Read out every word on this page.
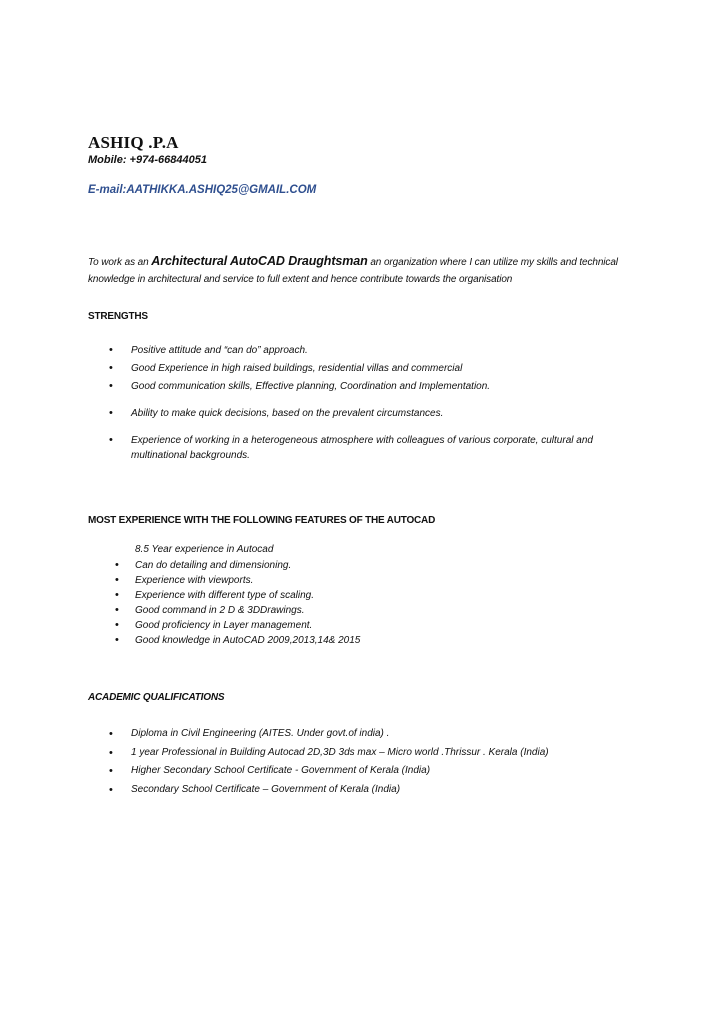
ASHIQ .P.A
Mobile: +974-66844051
E-mail:AATHIKKA.ASHIQ25@GMAIL.COM
To work as an Architectural AutoCAD Draughtsman an organization where I can utilize my skills and technical knowledge in architectural and service to full extent and hence contribute towards the organisation
STRENGTHS
• Positive attitude and “can do” approach.
• Good Experience in high raised buildings, residential villas and commercial
• Good communication skills, Effective planning, Coordination and Implementation.
• Ability to make quick decisions, based on the prevalent circumstances.
• Experience of working in a heterogeneous atmosphere with colleagues of various corporate, cultural and multinational backgrounds.
MOST EXPERIENCE WITH THE FOLLOWING FEATURES OF THE AUTOCAD
8.5 Year experience in Autocad
• Can do detailing and dimensioning.
• Experience with viewports.
• Experience with different type of scaling.
• Good command in 2 D & 3DDrawings.
• Good proficiency in Layer management.
• Good knowledge in AutoCAD 2009,2013,14& 2015
ACADEMIC QUALIFICATIONS
• Diploma in Civil Engineering (AITES. Under govt.of india) .
• 1 year Professional in Building Autocad 2D,3D 3ds max – Micro world .Thrissur . Kerala (India)
• Higher Secondary School Certificate - Government of Kerala (India)
• Secondary School Certificate – Government of Kerala (India)
